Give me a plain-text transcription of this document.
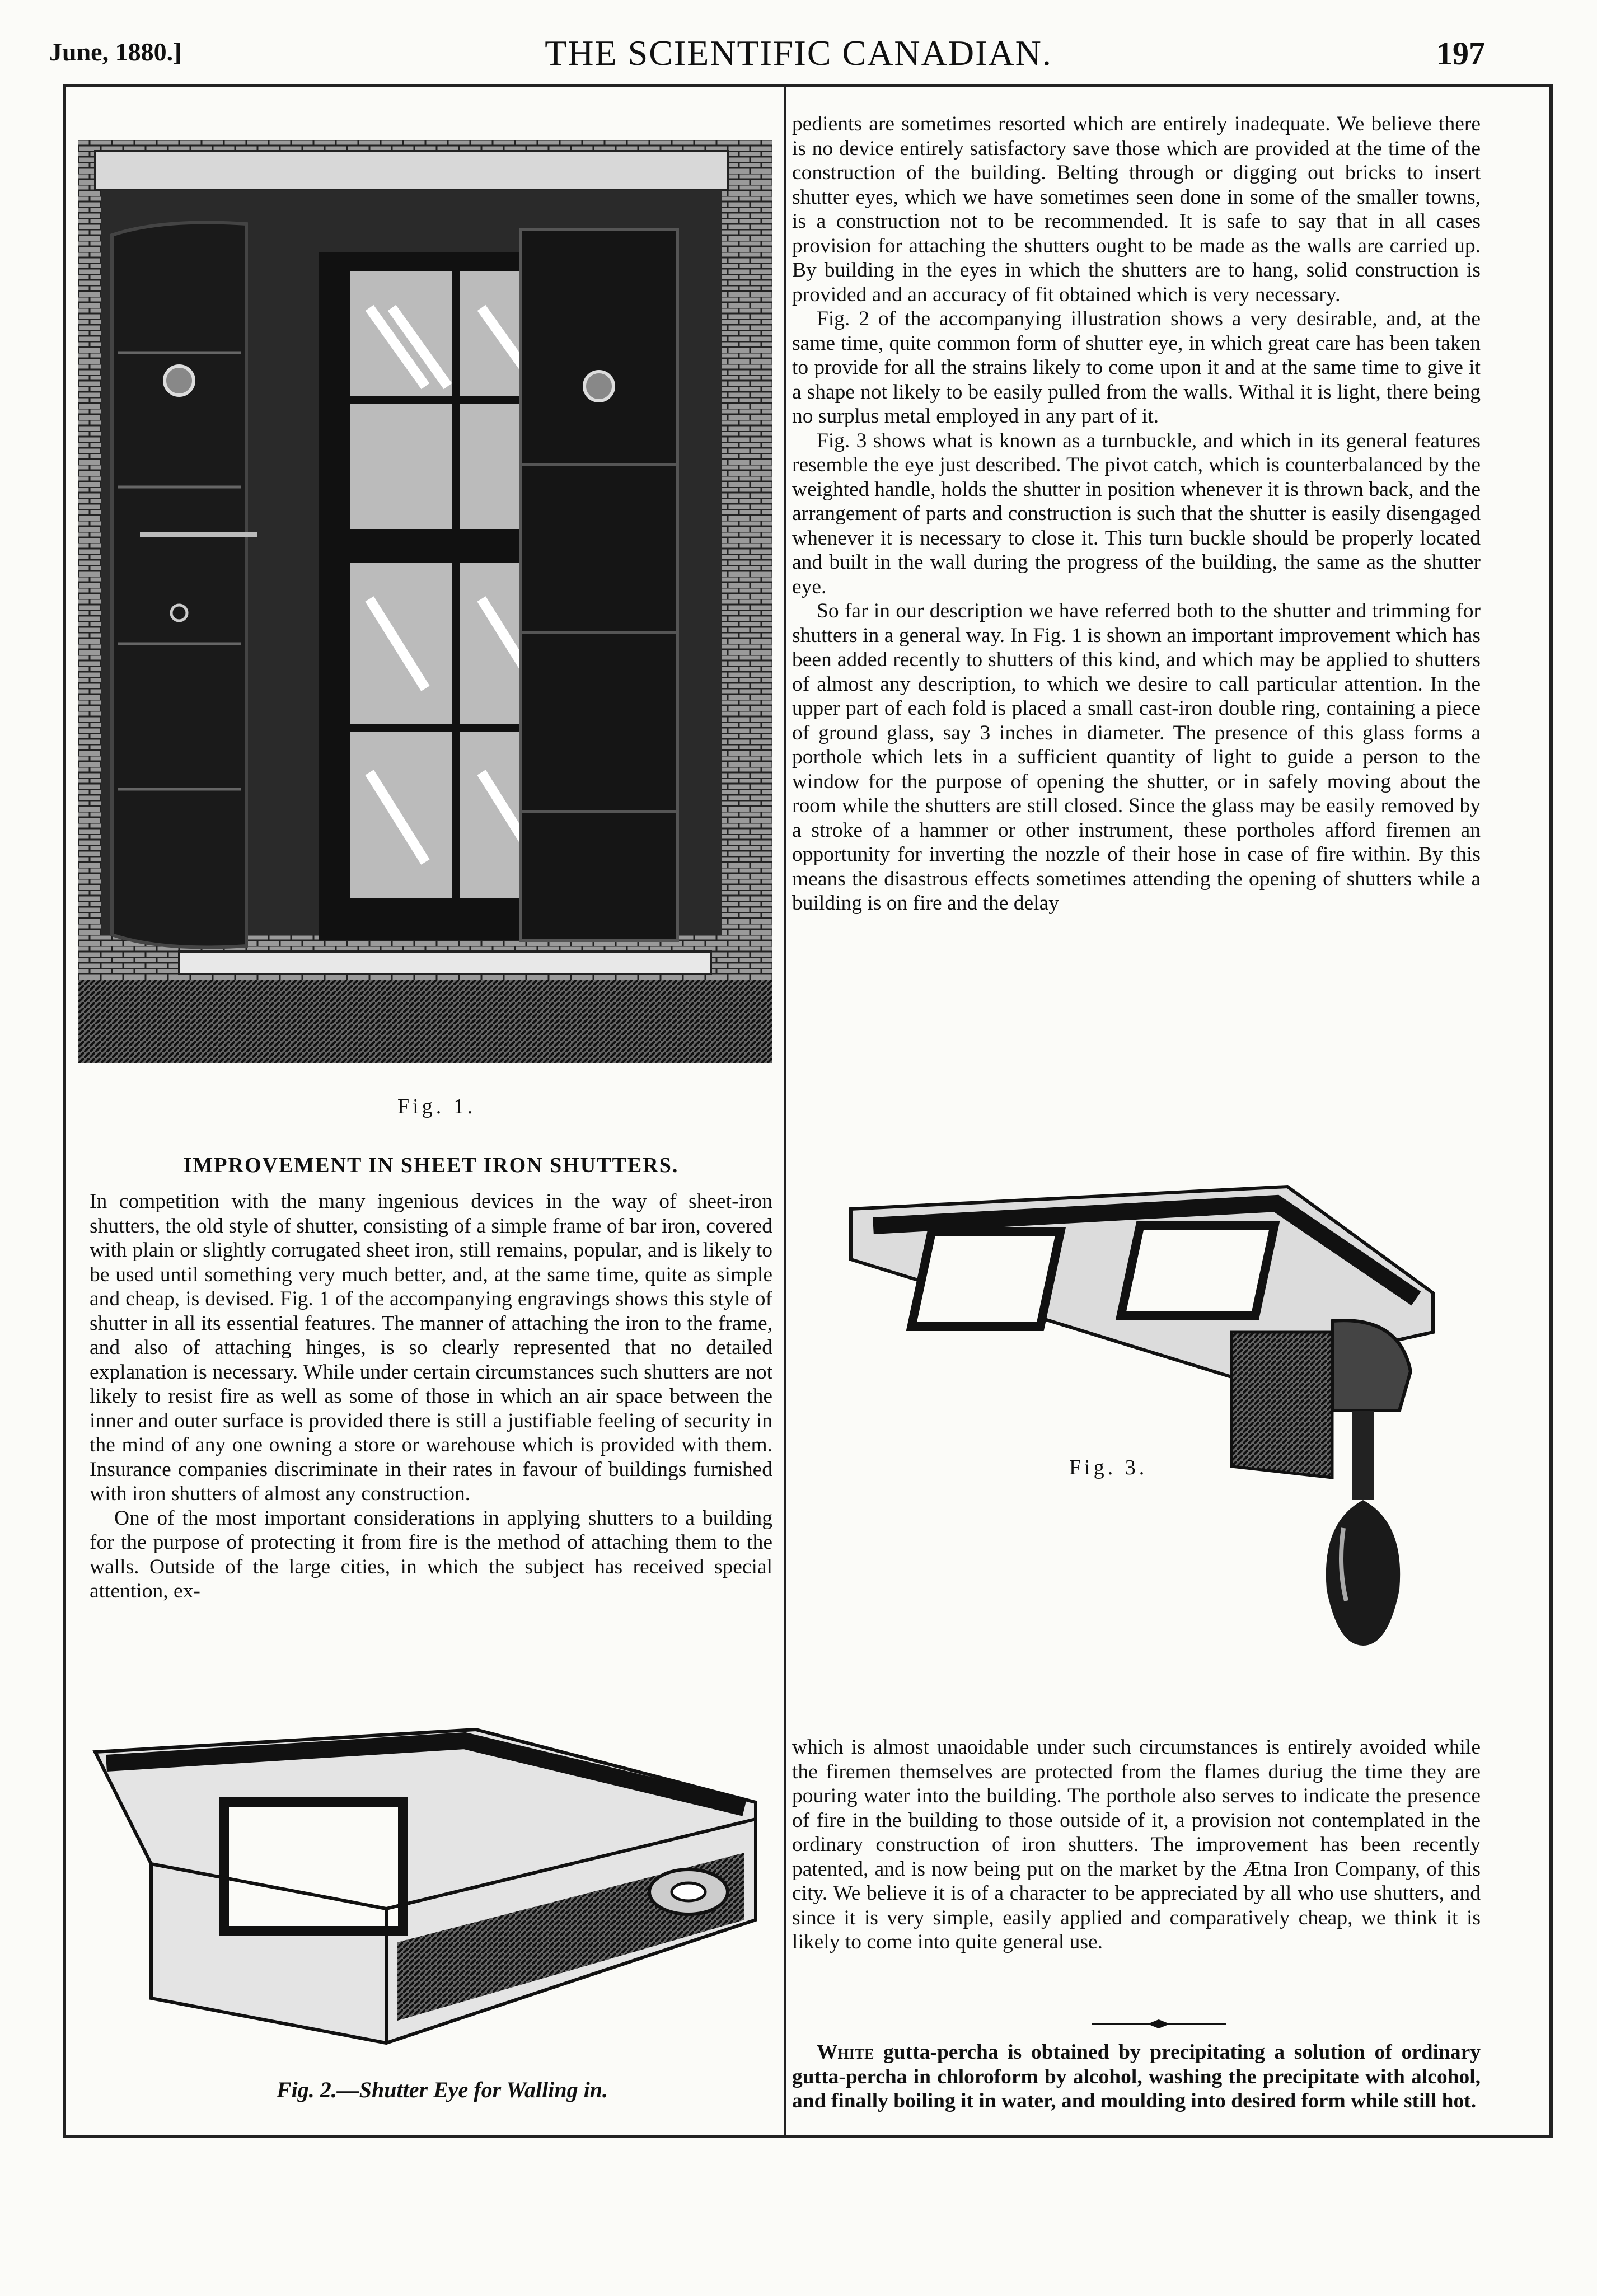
June, 1880.]	THE SCIENTIFIC CANADIAN.	197
Fig. 1.
IMPROVEMENT IN SHEET IRON SHUTTERS.

In competition with the many ingenious devices in the way of sheet-iron shutters, the old style of shutter, consisting of a simple frame of bar iron, covered with plain or slightly corrugated sheet iron, still remains, popular, and is likely to be used until something very much better, and, at the same time, quite as simple and cheap, is devised. Fig. 1 of the accompanying engravings shows this style of shutter in all its essential features. The manner of attaching the iron to the frame, and also of attaching hinges, is so clearly represented that no detailed explanation is necessary. While under certain circumstances such shutters are not likely to resist fire as well as some of those in which an air space between the inner and outer surface is provided there is still a justifiable feeling of security in the mind of any one owning a store or warehouse which is provided with them. Insurance companies discriminate in their rates in favour of buildings furnished with iron shutters of almost any construction.

One of the most important considerations in applying shutters to a building for the purpose of protecting it from fire is the method of attaching them to the walls. Outside of the large cities, in which the subject has received special attention, ex-

Fig. 2.—Shutter Eye for Walling in.

pedients are sometimes resorted which are entirely inadequate. We believe there is no device entirely satisfactory save those which are provided at the time of the construction of the building. Belting through or digging out bricks to insert shutter eyes, which we have sometimes seen done in some of the smaller towns, is a construction not to be recommended. It is safe to say that in all cases provision for attaching the shutters ought to be made as the walls are carried up. By building in the eyes in which the shutters are to hang, solid construction is provided and an accuracy of fit obtained which is very necessary.

Fig. 2 of the accompanying illustration shows a very desirable, and, at the same time, quite common form of shutter eye, in which great care has been taken to provide for all the strains likely to come upon it and at the same time to give it a shape not likely to be easily pulled from the walls. Withal it is light, there being no surplus metal employed in any part of it.

Fig. 3 shows what is known as a turnbuckle, and which in its general features resemble the eye just described. The pivot catch, which is counterbalanced by the weighted handle, holds the shutter in position whenever it is thrown back, and the arrangement of parts and construction is such that the shutter is easily disengaged whenever it is necessary to close it. This turn buckle should be properly located and built in the wall during the progress of the building, the same as the shutter eye.

So far in our description we have referred both to the shutter and trimming for shutters in a general way. In Fig. 1 is shown an important improvement which has been added recently to shutters of this kind, and which may be applied to shutters of almost any description, to which we desire to call particular attention. In the upper part of each fold is placed a small cast-iron double ring, containing a piece of ground glass, say 3 inches in diameter. The presence of this glass forms a porthole which lets in a sufficient quantity of light to guide a person to the window for the purpose of opening the shutter, or in safely moving about the room while the shutters are still closed. Since the glass may be easily removed by a stroke of a hammer or other instrument, these portholes afford firemen an opportunity for inverting the nozzle of their hose in case of fire within. By this means the disastrous effects sometimes attending the opening of shutters while a building is on fire and the delay

Fig. 3.

which is almost unaoidable under such circumstances is entirely avoided while the firemen themselves are protected from the flames duriug the time they are pouring water into the building. The porthole also serves to indicate the presence of fire in the building to those outside of it, a provision not contemplated in the ordinary construction of iron shutters. The improvement has been recently patented, and is now being put on the market by the Ætna Iron Company, of this city. We believe it is of a character to be appreciated by all who use shutters, and since it is very simple, easily applied and comparatively cheap, we think it is likely to come into quite general use.

White gutta-percha is obtained by precipitating a solution of ordinary gutta-percha in chloroform by alcohol, washing the precipitate with alcohol, and finally boiling it in water, and moulding into desired form while still hot.
